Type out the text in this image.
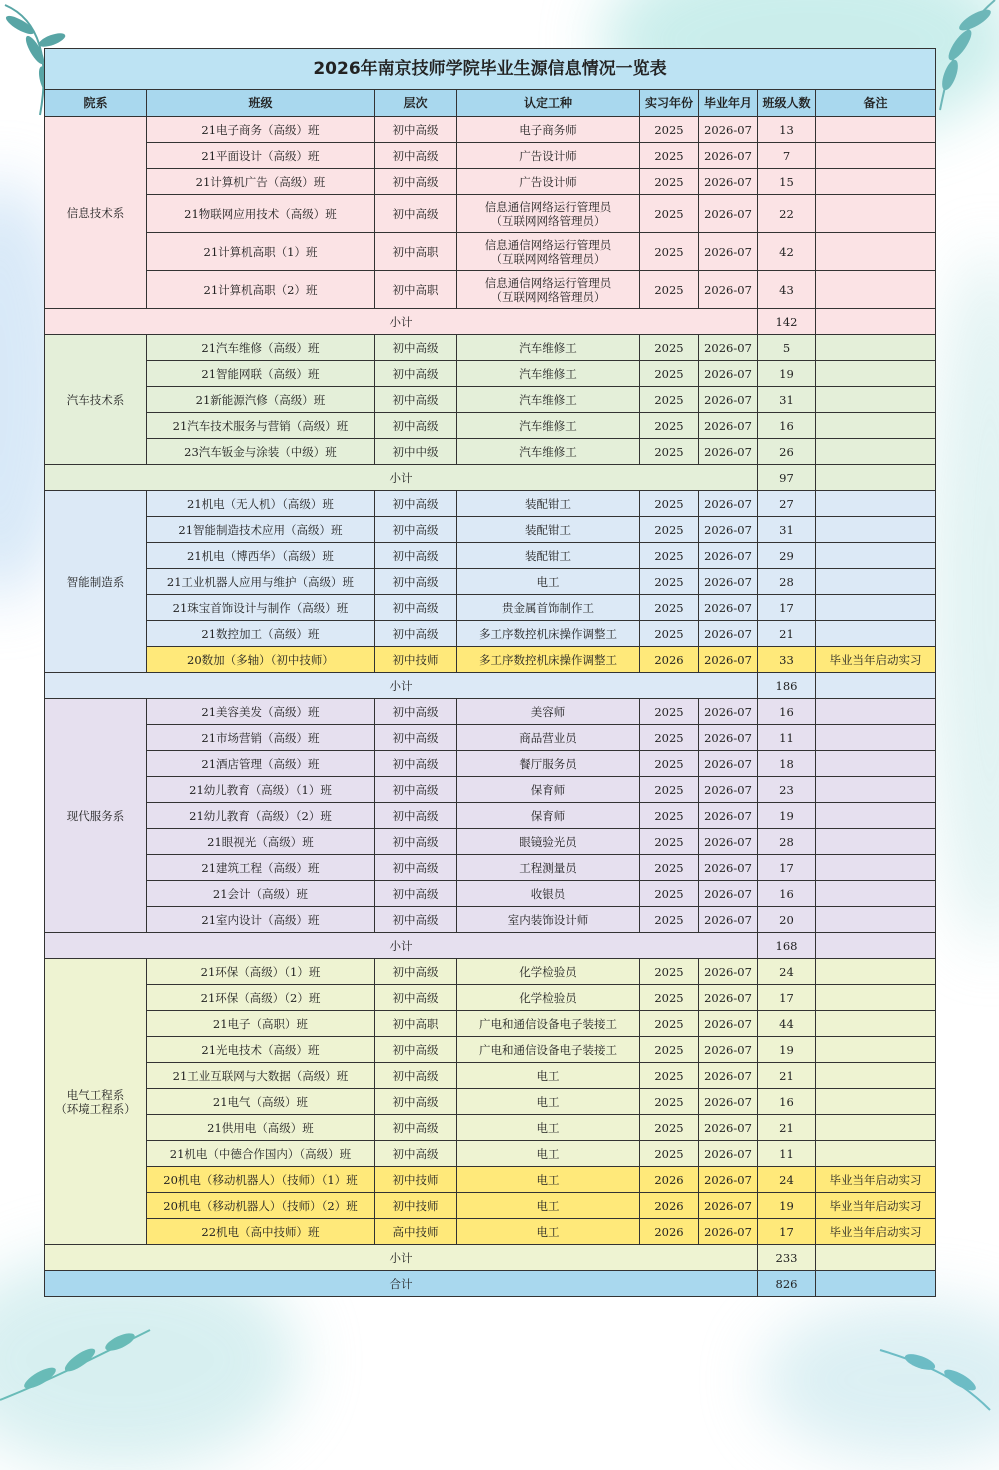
2026年南京技师学院毕业生源信息情况一览表
院系	班级	层次	认定工种	实习年份	毕业年月	班级人数	备注

信息技术系	21电子商务（高级）班	初中高级	电子商务师	2025	2026-07	13	
	21平面设计（高级）班	初中高级	广告设计师	2025	2026-07	7	
	21计算机广告（高级）班	初中高级	广告设计师	2025	2026-07	15	
	21物联网应用技术（高级）班	初中高级	信息通信网络运行管理员
（互联网网络管理员）	2025	2026-07	22	
	21计算机高职（1）班	初中高职	信息通信网络运行管理员
（互联网网络管理员）	2025	2026-07	42	
	21计算机高职（2）班	初中高职	信息通信网络运行管理员
（互联网网络管理员）	2025	2026-07	43	
小计						142	

汽车技术系	21汽车维修（高级）班	初中高级	汽车维修工	2025	2026-07	5	
	21智能网联（高级）班	初中高级	汽车维修工	2025	2026-07	19	
	21新能源汽修（高级）班	初中高级	汽车维修工	2025	2026-07	31	
	21汽车技术服务与营销（高级）班	初中高级	汽车维修工	2025	2026-07	16	
	23汽车钣金与涂装（中级）班	初中中级	汽车维修工	2025	2026-07	26	
小计						97	

智能制造系	21机电（无人机）（高级）班	初中高级	装配钳工	2025	2026-07	27	
	21智能制造技术应用（高级）班	初中高级	装配钳工	2025	2026-07	31	
	21机电（博西华）（高级）班	初中高级	装配钳工	2025	2026-07	29	
	21工业机器人应用与维护（高级）班	初中高级	电工	2025	2026-07	28	
	21珠宝首饰设计与制作（高级）班	初中高级	贵金属首饰制作工	2025	2026-07	17	
	21数控加工（高级）班	初中高级	多工序数控机床操作调整工	2025	2026-07	21	
	20数加（多轴）（初中技师）	初中技师	多工序数控机床操作调整工	2026	2026-07	33	毕业当年启动实习
小计						186	

现代服务系	21美容美发（高级）班	初中高级	美容师	2025	2026-07	16	
	21市场营销（高级）班	初中高级	商品营业员	2025	2026-07	11	
	21酒店管理（高级）班	初中高级	餐厅服务员	2025	2026-07	18	
	21幼儿教育（高级）（1）班	初中高级	保育师	2025	2026-07	23	
	21幼儿教育（高级）（2）班	初中高级	保育师	2025	2026-07	19	
	21眼视光（高级）班	初中高级	眼镜验光员	2025	2026-07	28	
	21建筑工程（高级）班	初中高级	工程测量员	2025	2026-07	17	
	21会计（高级）班	初中高级	收银员	2025	2026-07	16	
	21室内设计（高级）班	初中高级	室内装饰设计师	2025	2026-07	20	
小计						168	

电气工程系
（环境工程系）	21环保（高级）（1）班	初中高级	化学检验员	2025	2026-07	24	
	21环保（高级）（2）班	初中高级	化学检验员	2025	2026-07	17	
	21电子（高职）班	初中高职	广电和通信设备电子装接工	2025	2026-07	44	
	21光电技术（高级）班	初中高级	广电和通信设备电子装接工	2025	2026-07	19	
	21工业互联网与大数据（高级）班	初中高级	电工	2025	2026-07	21	
	21电气（高级）班	初中高级	电工	2025	2026-07	16	
	21供用电（高级）班	初中高级	电工	2025	2026-07	21	
	21机电（中德合作国内）（高级）班	初中高级	电工	2025	2026-07	11	
	20机电（移动机器人）（技师）（1）班	初中技师	电工	2026	2026-07	24	毕业当年启动实习
	20机电（移动机器人）（技师）（2）班	初中技师	电工	2026	2026-07	19	毕业当年启动实习
	22机电（高中技师）班	高中技师	电工	2026	2026-07	17	毕业当年启动实习
小计						233	
合计						826	
